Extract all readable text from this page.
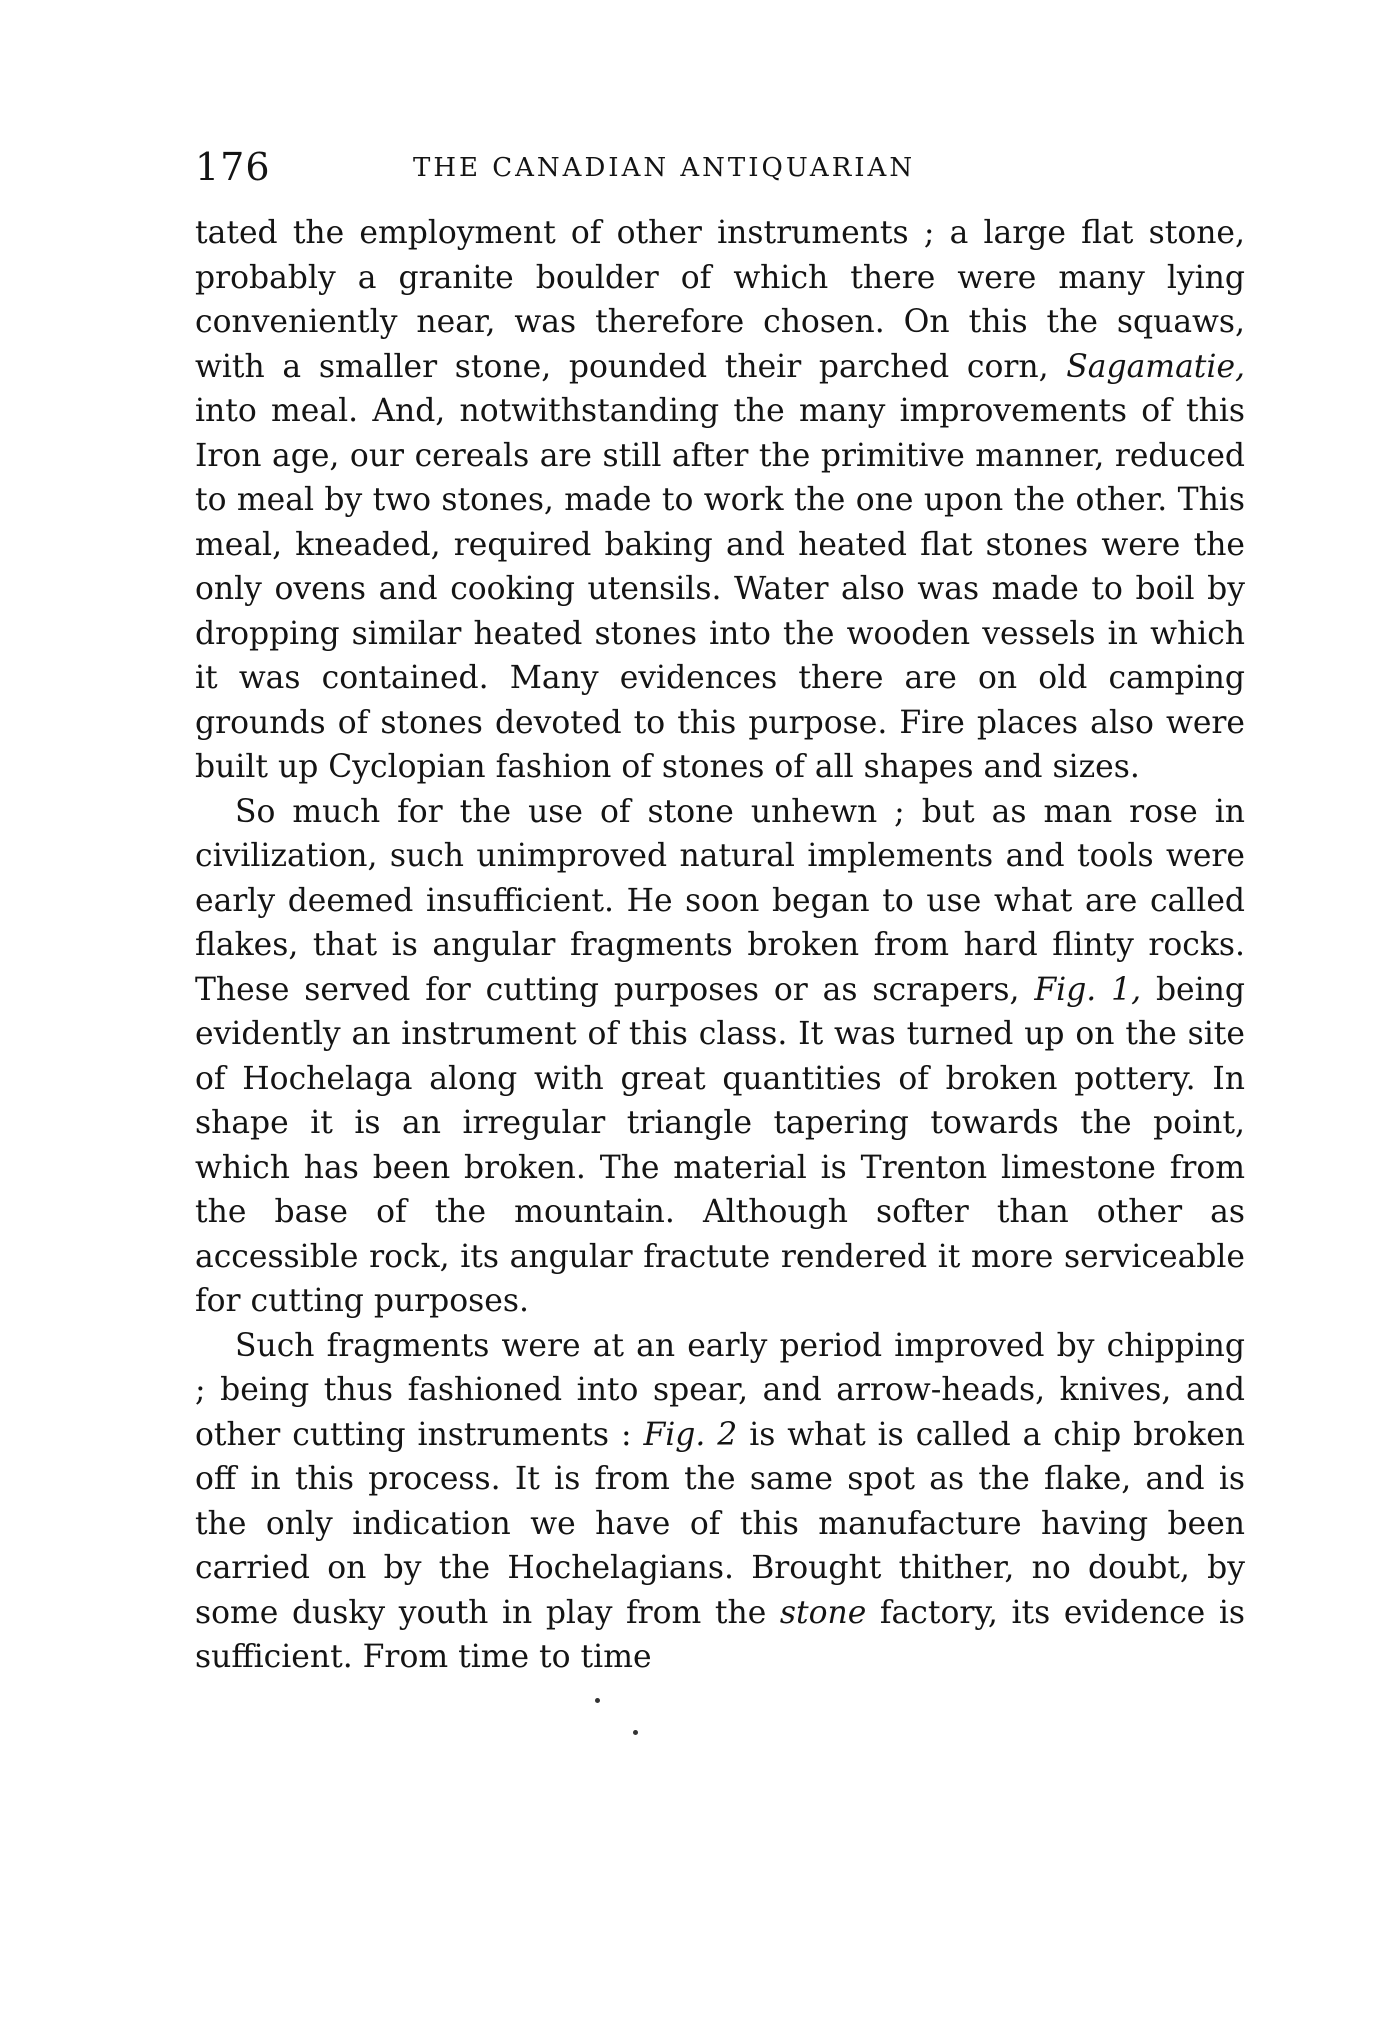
176	THE CANADIAN ANTIQUARIAN

tated the employment of other instruments ; a large flat stone, probably a granite boulder of which there were many lying conveniently near, was therefore chosen. On this the squaws, with a smaller stone, pounded their parched corn, Sagamatie, into meal. And, notwithstanding the many improvements of this Iron age, our cereals are still after the primitive manner, reduced to meal by two stones, made to work the one upon the other. This meal, kneaded, required baking and heated flat stones were the only ovens and cooking utensils. Water also was made to boil by dropping similar heated stones into the wooden vessels in which it was contained. Many evidences there are on old camping grounds of stones devoted to this purpose. Fire places also were built up Cyclopian fashion of stones of all shapes and sizes.

So much for the use of stone unhewn ; but as man rose in civilization, such unimproved natural implements and tools were early deemed insufficient. He soon began to use what are called flakes, that is angular fragments broken from hard flinty rocks. These served for cutting purposes or as scrapers, Fig. 1, being evidently an instrument of this class. It was turned up on the site of Hochelaga along with great quantities of broken pottery. In shape it is an irregular triangle tapering towards the point, which has been broken. The material is Trenton limestone from the base of the mountain. Although softer than other as accessible rock, its angular fractute rendered it more serviceable for cutting purposes.

Such fragments were at an early period improved by chipping ; being thus fashioned into spear, and arrow-heads, knives, and other cutting instruments : Fig. 2 is what is called a chip broken off in this process. It is from the same spot as the flake, and is the only indication we have of this manufacture having been carried on by the Hochelagians. Brought thither, no doubt, by some dusky youth in play from the stone factory, its evidence is sufficient. From time to time
